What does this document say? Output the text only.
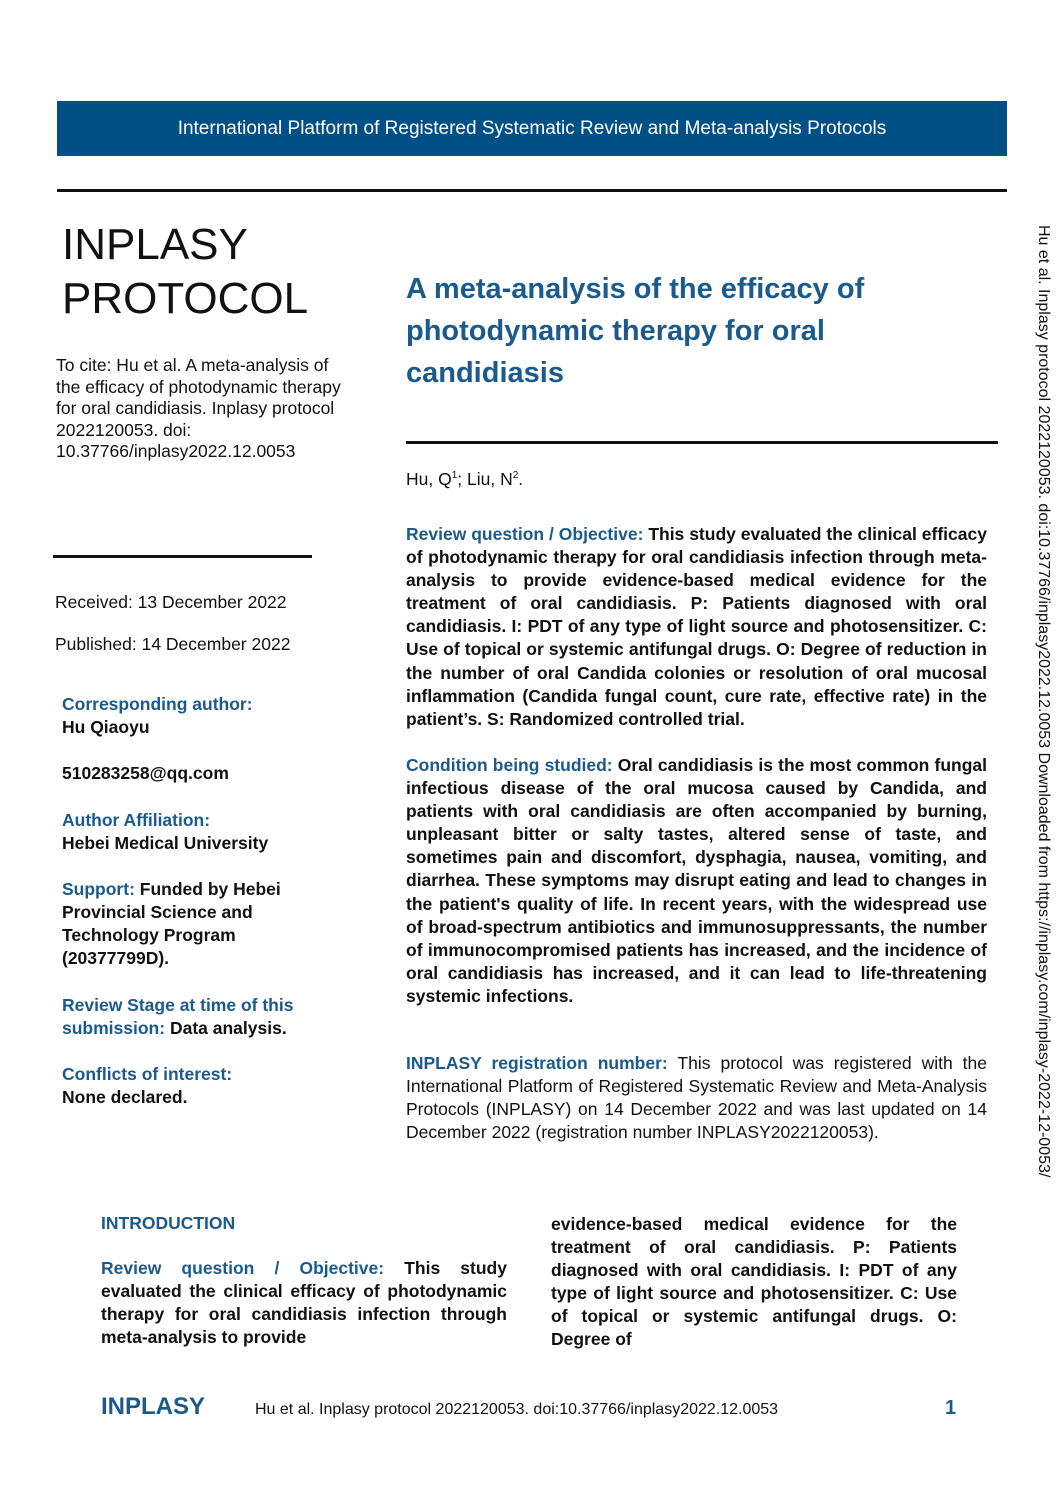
International Platform of Registered Systematic Review and Meta-analysis Protocols
INPLASY PROTOCOL
To cite: Hu et al. A meta-analysis of the efficacy of photodynamic therapy for oral candidiasis. Inplasy protocol 2022120053. doi: 10.37766/inplasy2022.12.0053
Received: 13 December 2022
Published: 14 December 2022
Corresponding author:
Hu Qiaoyu
510283258@qq.com
Author Affiliation:
Hebei Medical University
Support: Funded by Hebei Provincial Science and Technology Program (20377799D).
Review Stage at time of this submission: Data analysis.
Conflicts of interest:
None declared.
A meta-analysis of the efficacy of photodynamic therapy for oral candidiasis
Hu, $Q^1$; Liu, $N^2$.
Review question / Objective: This study evaluated the clinical efficacy of photodynamic therapy for oral candidiasis infection through meta-analysis to provide evidence-based medical evidence for the treatment of oral candidiasis. P: Patients diagnosed with oral candidiasis. I: PDT of any type of light source and photosensitizer. C: Use of topical or systemic antifungal drugs. O: Degree of reduction in the number of oral Candida colonies or resolution of oral mucosal inflammation (Candida fungal count, cure rate, effective rate) in the patient’s. S: Randomized controlled trial.
Condition being studied: Oral candidiasis is the most common fungal infectious disease of the oral mucosa caused by Candida, and patients with oral candidiasis are often accompanied by burning, unpleasant bitter or salty tastes, altered sense of taste, and sometimes pain and discomfort, dysphagia, nausea, vomiting, and diarrhea. These symptoms may disrupt eating and lead to changes in the patient's quality of life. In recent years, with the widespread use of broad-spectrum antibiotics and immunosuppressants, the number of immunocompromised patients has increased, and the incidence of oral candidiasis has increased, and it can lead to life-threatening systemic infections.
INPLASY registration number: This protocol was registered with the International Platform of Registered Systematic Review and Meta-Analysis Protocols (INPLASY) on 14 December 2022 and was last updated on 14 December 2022 (registration number INPLASY2022120053).
INTRODUCTION
Review question / Objective: This study evaluated the clinical efficacy of photodynamic therapy for oral candidiasis infection through meta-analysis to provide
evidence-based medical evidence for the treatment of oral candidiasis. P: Patients diagnosed with oral candidiasis. I: PDT of any type of light source and photosensitizer. C: Use of topical or systemic antifungal drugs. O: Degree of
INPLASY	Hu et al. Inplasy protocol 2022120053. doi:10.37766/inplasy2022.12.0053	1
Hu et al. Inplasy protocol 2022120053. doi:10.37766/inplasy2022.12.0053 Downloaded from https://inplasy.com/inplasy-2022-12-0053/
